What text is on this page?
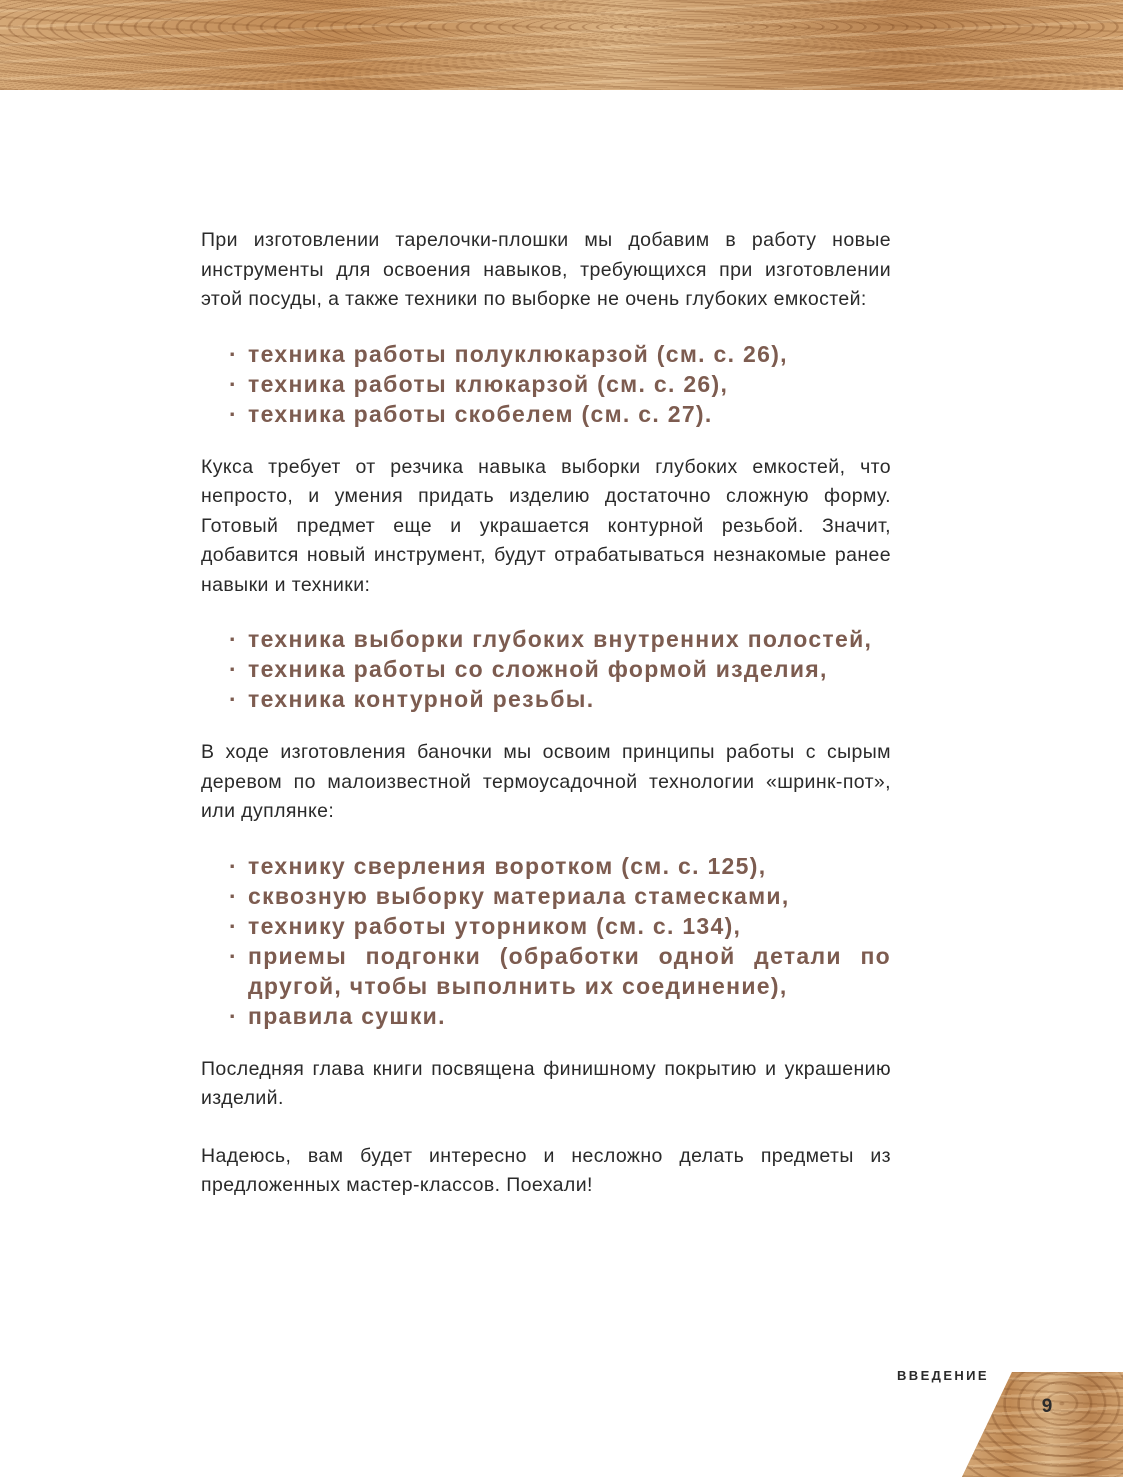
При изготовлении тарелочки-плошки мы добавим в работу новые инструменты для освоения навыков, требующихся при изготовлении этой посуды, а также техники по выборке не очень глубоких емкостей:

· техника работы полуклюкарзой (см. с. 26),
· техника работы клюкарзой (см. с. 26),
· техника работы скобелем (см. с. 27).

Кукса требует от резчика навыка выборки глубоких емкостей, что непросто, и умения придать изделию достаточно сложную форму. Готовый предмет еще и украшается контурной резьбой. Значит, добавится новый инструмент, будут отрабатываться незнакомые ранее навыки и техники:

· техника выборки глубоких внутренних полостей,
· техника работы со сложной формой изделия,
· техника контурной резьбы.

В ходе изготовления баночки мы освоим принципы работы с сырым деревом по малоизвестной термоусадочной технологии «шринк-пот», или дуплянке:

· технику сверления воротком (см. с. 125),
· сквозную выборку материала стамесками,
· технику работы уторником (см. с. 134),
· приемы подгонки (обработки одной детали по другой, чтобы выполнить их соединение),
· правила сушки.

Последняя глава книги посвящена финишному покрытию и украшению изделий.

Надеюсь, вам будет интересно и несложно делать предметы из предложенных мастер-классов. Поехали!

ВВЕДЕНИЕ
9
